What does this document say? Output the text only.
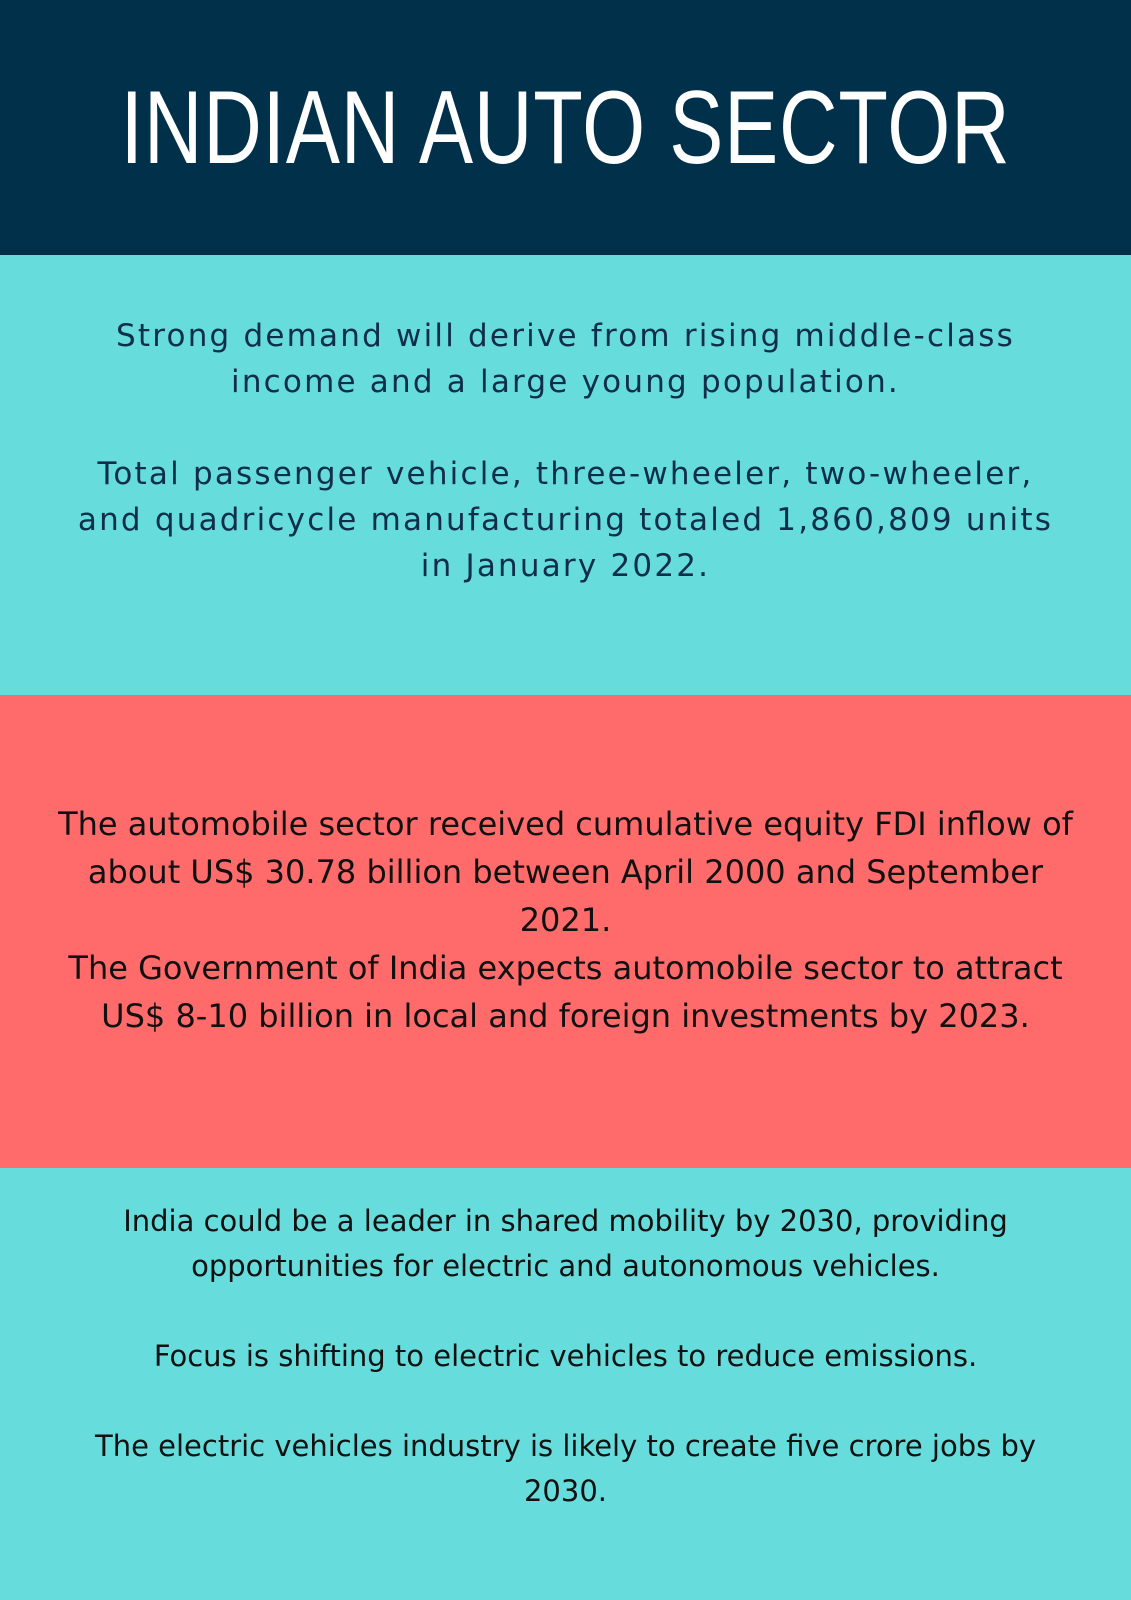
INDIAN AUTO SECTOR

Strong demand will derive from rising middle-class income and a large young population.

Total passenger vehicle, three-wheeler, two-wheeler, and quadricycle manufacturing totaled 1,860,809 units in January 2022.

The automobile sector received cumulative equity FDI inflow of about US$ 30.78 billion between April 2000 and September 2021.

The Government of India expects automobile sector to attract US$ 8-10 billion in local and foreign investments by 2023.

India could be a leader in shared mobility by 2030, providing opportunities for electric and autonomous vehicles.

Focus is shifting to electric vehicles to reduce emissions.

The electric vehicles industry is likely to create five crore jobs by 2030.
